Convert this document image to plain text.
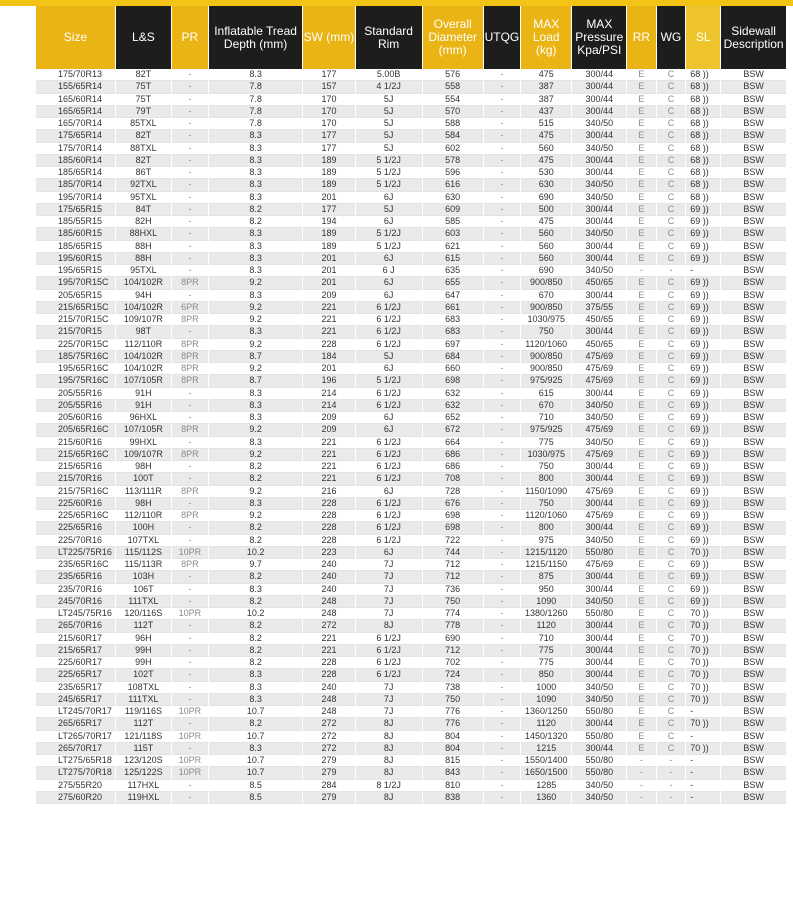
Size	L&S	PR	Inflatable Tread Depth (mm)	SW (mm)	Standard Rim	Overall Diameter (mm)	UTQG	MAX Load (kg)	MAX Pressure Kpa/PSI	RR	WG	SL	Sidewall Description
175/70R13	82T	-	8.3	177	5.00B	576	-	475	300/44	E	C	68 ))	BSW
155/65R14	75T	-	7.8	157	4 1/2J	558	-	387	300/44	E	C	68 ))	BSW
165/60R14	75T	-	7.8	170	5J	554	-	387	300/44	E	C	68 ))	BSW
165/65R14	79T	-	7.8	170	5J	570	-	437	300/44	E	C	68 ))	BSW
165/70R14	85TXL	-	7.8	170	5J	588	-	515	340/50	E	C	68 ))	BSW
175/65R14	82T	-	8.3	177	5J	584	-	475	300/44	E	C	68 ))	BSW
175/70R14	88TXL	-	8.3	177	5J	602	-	560	340/50	E	C	68 ))	BSW
185/60R14	82T	-	8.3	189	5 1/2J	578	-	475	300/44	E	C	68 ))	BSW
185/65R14	86T	-	8.3	189	5 1/2J	596	-	530	300/44	E	C	68 ))	BSW
185/70R14	92TXL	-	8.3	189	5 1/2J	616	-	630	340/50	E	C	68 ))	BSW
195/70R14	95TXL	-	8.3	201	6J	630	-	690	340/50	E	C	68 ))	BSW
175/65R15	84T	-	8.2	177	5J	609	-	500	300/44	E	C	69 ))	BSW
185/55R15	82H	-	8.2	194	6J	585	-	475	300/44	E	C	69 ))	BSW
185/60R15	88HXL	-	8.3	189	5 1/2J	603	-	560	340/50	E	C	69 ))	BSW
185/65R15	88H	-	8.3	189	5 1/2J	621	-	560	300/44	E	C	69 ))	BSW
195/60R15	88H	-	8.3	201	6J	615	-	560	300/44	E	C	69 ))	BSW
195/65R15	95TXL	-	8.3	201	6 J	635	-	690	340/50	-	-	-	BSW
195/70R15C	104/102R	8PR	9.2	201	6J	655	-	900/850	450/65	E	C	69 ))	BSW
205/65R15	94H	-	8.3	209	6J	647	-	670	300/44	E	C	69 ))	BSW
215/65R15C	104/102R	6PR	9.2	221	6 1/2J	661	-	900/850	375/55	E	C	69 ))	BSW
215/70R15C	109/107R	8PR	9.2	221	6 1/2J	683	-	1030/975	450/65	E	C	69 ))	BSW
215/70R15	98T	-	8.3	221	6 1/2J	683	-	750	300/44	E	C	69 ))	BSW
225/70R15C	112/110R	8PR	9.2	228	6 1/2J	697	-	1120/1060	450/65	E	C	69 ))	BSW
185/75R16C	104/102R	8PR	8.7	184	5J	684	-	900/850	475/69	E	C	69 ))	BSW
195/65R16C	104/102R	8PR	9.2	201	6J	660	-	900/850	475/69	E	C	69 ))	BSW
195/75R16C	107/105R	8PR	8.7	196	5 1/2J	698	-	975/925	475/69	E	C	69 ))	BSW
205/55R16	91H	-	8.3	214	6 1/2J	632	-	615	300/44	E	C	69 ))	BSW
205/55R16	91H	-	8.3	214	6 1/2J	632	-	670	340/50	E	C	69 ))	BSW
205/60R16	96HXL	-	8.3	209	6J	652	-	710	340/50	E	C	69 ))	BSW
205/65R16C	107/105R	8PR	9.2	209	6J	672	-	975/925	475/69	E	C	69 ))	BSW
215/60R16	99HXL	-	8.3	221	6 1/2J	664	-	775	340/50	E	C	69 ))	BSW
215/65R16C	109/107R	8PR	9.2	221	6 1/2J	686	-	1030/975	475/69	E	C	69 ))	BSW
215/65R16	98H	-	8.2	221	6 1/2J	686	-	750	300/44	E	C	69 ))	BSW
215/70R16	100T	-	8.2	221	6 1/2J	708	-	800	300/44	E	C	69 ))	BSW
215/75R16C	113/111R	8PR	9.2	216	6J	728	-	1150/1090	475/69	E	C	69 ))	BSW
225/60R16	98H	-	8.3	228	6 1/2J	676	-	750	300/44	E	C	69 ))	BSW
225/65R16C	112/110R	8PR	9.2	228	6 1/2J	698	-	1120/1060	475/69	E	C	69 ))	BSW
225/65R16	100H	-	8.2	228	6 1/2J	698	-	800	300/44	E	C	69 ))	BSW
225/70R16	107TXL	-	8.2	228	6 1/2J	722	-	975	340/50	E	C	69 ))	BSW
LT225/75R16	115/112S	10PR	10.2	223	6J	744	-	1215/1120	550/80	E	C	70 ))	BSW
235/65R16C	115/113R	8PR	9.7	240	7J	712	-	1215/1150	475/69	E	C	69 ))	BSW
235/65R16	103H	-	8.2	240	7J	712	-	875	300/44	E	C	69 ))	BSW
235/70R16	106T	-	8.3	240	7J	736	-	950	300/44	E	C	69 ))	BSW
245/70R16	111TXL	-	8.2	248	7J	750	-	1090	340/50	E	C	69 ))	BSW
LT245/75R16	120/116S	10PR	10.2	248	7J	774	-	1380/1260	550/80	E	C	70 ))	BSW
265/70R16	112T	-	8.2	272	8J	778	-	1120	300/44	E	C	70 ))	BSW
215/60R17	96H	-	8.2	221	6 1/2J	690	-	710	300/44	E	C	70 ))	BSW
215/65R17	99H	-	8.2	221	6 1/2J	712	-	775	300/44	E	C	70 ))	BSW
225/60R17	99H	-	8.2	228	6 1/2J	702	-	775	300/44	E	C	70 ))	BSW
225/65R17	102T	-	8.3	228	6 1/2J	724	-	850	300/44	E	C	70 ))	BSW
235/65R17	108TXL	-	8.3	240	7J	738	-	1000	340/50	E	C	70 ))	BSW
245/65R17	111TXL	-	8.3	248	7J	750	-	1090	340/50	E	C	70 ))	BSW
LT245/70R17	119/116S	10PR	10.7	248	7J	776	-	1360/1250	550/80	E	C	-	BSW
265/65R17	112T	-	8.2	272	8J	776	-	1120	300/44	E	C	70 ))	BSW
LT265/70R17	121/118S	10PR	10.7	272	8J	804	-	1450/1320	550/80	E	C	-	BSW
265/70R17	115T	-	8.3	272	8J	804	-	1215	300/44	E	C	70 ))	BSW
LT275/65R18	123/120S	10PR	10.7	279	8J	815	-	1550/1400	550/80	-	-	-	BSW
LT275/70R18	125/122S	10PR	10.7	279	8J	843	-	1650/1500	550/80	-	-	-	BSW
275/55R20	117HXL	-	8.5	284	8 1/2J	810	-	1285	340/50	-	-	-	BSW
275/60R20	119HXL	-	8.5	279	8J	838	-	1360	340/50	-	-	-	BSW
